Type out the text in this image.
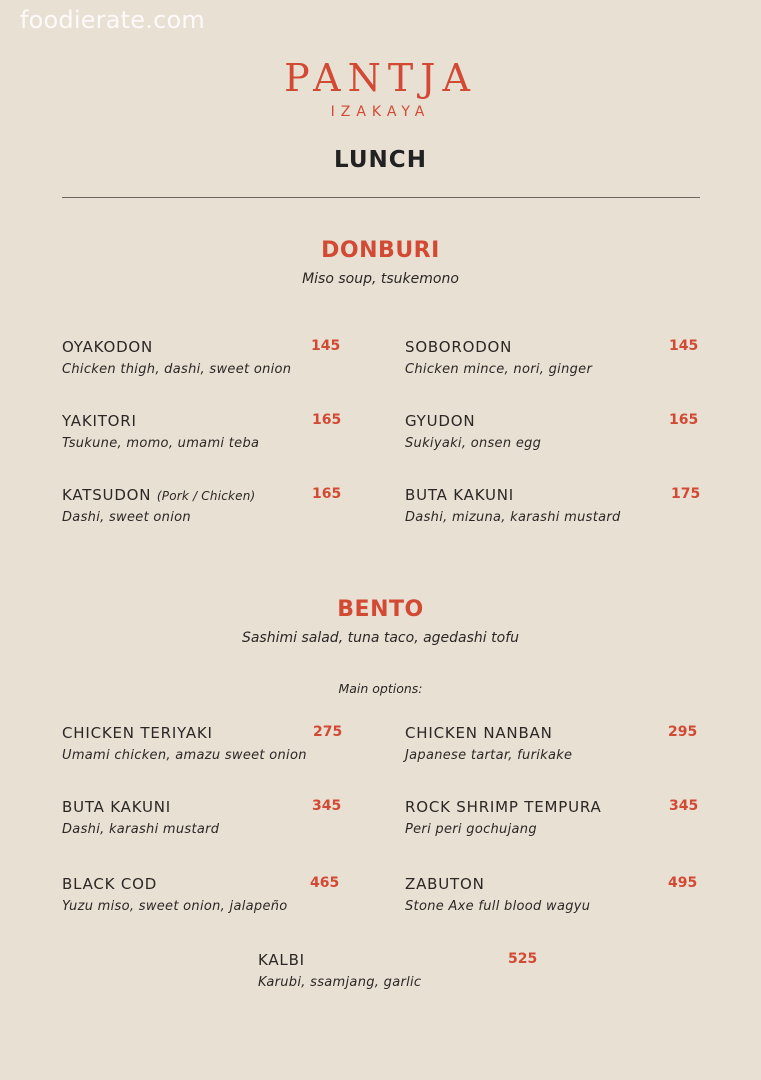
foodierate.com
PANTJA
IZAKAYA
LUNCH
DONBURI
Miso soup, tsukemono
OYAKODON	145
Chicken thigh, dashi, sweet onion
SOBORODON	145
Chicken mince, nori, ginger
YAKITORI	165
Tsukune, momo, umami teba
GYUDON	165
Sukiyaki, onsen egg
KATSUDON (Pork / Chicken)	165
Dashi, sweet onion
BUTA KAKUNI	175
Dashi, mizuna, karashi mustard
BENTO
Sashimi salad, tuna taco, agedashi tofu
Main options:
CHICKEN TERIYAKI	275
Umami chicken, amazu sweet onion
CHICKEN NANBAN	295
Japanese tartar, furikake
BUTA KAKUNI	345
Dashi, karashi mustard
ROCK SHRIMP TEMPURA	345
Peri peri gochujang
BLACK COD	465
Yuzu miso, sweet onion, jalapeño
ZABUTON	495
Stone Axe full blood wagyu
KALBI	525
Karubi, ssamjang, garlic
